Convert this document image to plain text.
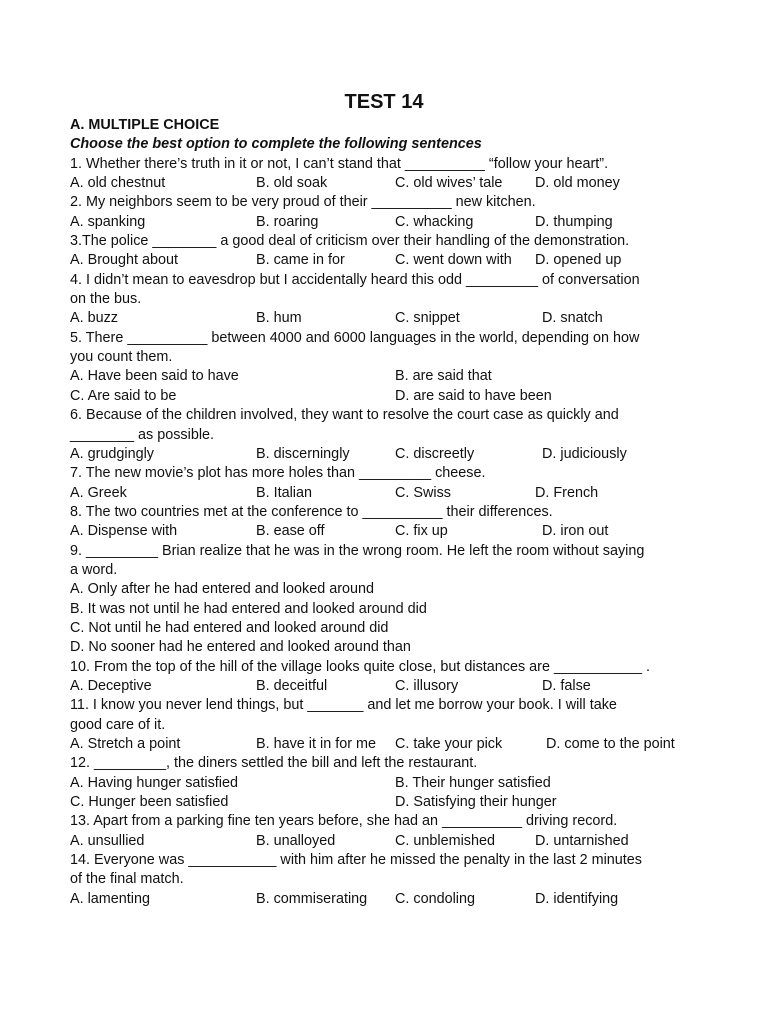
TEST 14
A. MULTIPLE CHOICE
Choose the best option to complete the following sentences
1. Whether there’s truth in it or not, I can’t stand that __________ “follow your heart”.
A. old chestnut	B. old soak	C. old wives’ tale D. old money
2. My neighbors seem to be very proud of their __________ new kitchen.
A. spanking	B. roaring	C. whacking	D. thumping
3.The police ________ a good deal of criticism over their handling of the demonstration.
A. Brought about	B. came in for	C. went down with D. opened up
4. I didn’t mean to eavesdrop but I accidentally heard this odd _________ of conversation
on the bus.
A. buzz	B. hum	C. snippet	D. snatch
5. There __________ between 4000 and 6000 languages in the world, depending on how
you count them.
A. Have been said to have	B. are said that
C. Are said to be	D. are said to have been
6. Because of the children involved, they want to resolve the court case as quickly and
________ as possible.
A. grudgingly	B. discerningly	C. discreetly	D. judiciously
7. The new movie’s plot has more holes than _________ cheese.
A. Greek	B. Italian	C. Swiss	D. French
8. The two countries met at the conference to __________ their differences.
A. Dispense with	B. ease off	C. fix up	D. iron out
9. _________ Brian realize that he was in the wrong room. He left the room without saying
a word.
A. Only after he had entered and looked around
B. It was not until he had entered and looked around did
C. Not until he had entered and looked around did
D. No sooner had he entered and looked around than
10. From the top of the hill of the village looks quite close, but distances are ___________ .
A. Deceptive	B. deceitful	C. illusory	D. false
11. I know you never lend things, but _______ and let me borrow your book. I will take
good care of it.
A. Stretch a point	B. have it in for me C. take your pick	D. come to the point
12. _________, the diners settled the bill and left the restaurant.
A. Having hunger satisfied	B. Their hunger satisfied
C. Hunger been satisfied	D. Satisfying their hunger
13. Apart from a parking fine ten years before, she had an __________ driving record.
A. unsullied	B. unalloyed	C. unblemished	D. untarnished
14. Everyone was ___________ with him after he missed the penalty in the last 2 minutes
of the final match.
A. lamenting	B. commiserating C. condoling	D. identifying
